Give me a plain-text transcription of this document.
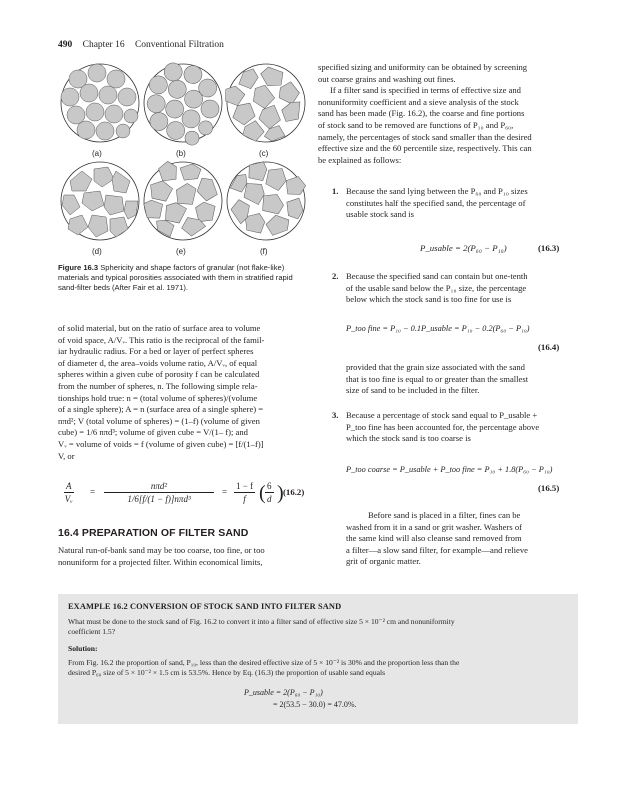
490 Chapter 16 Conventional Filtration
(a)	(b)	(c)
(d)	(e)	(f)
Figure 16.3 Sphericity and shape factors of granular (not flake-like) materials and typical porosities associated with them in stratified rapid sand-filter beds (After Fair et al. 1971).
of solid material, but on the ratio of surface area to volume
of void space, A/Vᵥ. This ratio is the reciprocal of the famil-
iar hydraulic radius. For a bed or layer of perfect spheres
of diameter d, the area–voids volume ratio, A/Vᵥ, of equal
spheres within a given cube of porosity f can be calculated
from the number of spheres, n. The following simple rela-
tionships hold true: n = (total volume of spheres)/(volume
of a single sphere); A = n (surface area of a single sphere) =
nπd²; V (total volume of spheres) = (1–f) (volume of given
cube) = 1/6 nπd³; volume of given cube = V/(1– f); and
Vᵥ = volume of voids = f (volume of given cube) = [f/(1–f)]
V, or
$\frac{A}{\text{Vᵥ}}$ =
nπd²
1/6[f/(1 − f)]nπd³
= $\frac{1 - f}{f}$ ( $\frac{6}{d}$ ) (16.2)
16.4 PREPARATION OF FILTER SAND
Natural run-of-bank sand may be too coarse, too fine, or too
nonuniform for a projected filter. Within economical limits,
specified sizing and uniformity can be obtained by screening
out coarse grains and washing out fines.
If a filter sand is specified in terms of effective size and
nonuniformity coefficient and a sieve analysis of the stock
sand has been made (Fig. 16.2), the coarse and fine portions
of stock sand to be removed are functions of P₁₀ and P₆₀,
namely, the percentages of stock sand smaller than the desired
effective size and the 60 percentile size, respectively. This can
be explained as follows:
1. Because the sand lying between the P₆₀ and P₁₀ sizes
constitutes half the specified sand, the percentage of
usable stock sand is
P_usable = 2(P₆₀ − P₁₀)	(16.3)
2. Because the specified sand can contain but one-tenth
of the usable sand below the P₁₀ size, the percentage
below which the stock sand is too fine for use is
P_too fine = P₁₀ − 0.1P_usable = P₁₀ − 0.2(P₆₀ − P₁₀)
(16.4)
provided that the grain size associated with the sand
that is too fine is equal to or greater than the smallest
size of sand to be included in the filter.
3. Because a percentage of stock sand equal to P_usable +
P_too fine has been accounted for, the percentage above
which the stock sand is too coarse is
P_too coarse = P_usable + P_too fine = P₁₀ + 1.8(P₆₀ − P₁₀)
(16.5)
Before sand is placed in a filter, fines can be
washed from it in a sand or grit washer. Washers of
the same kind will also cleanse sand removed from
a filter—a slow sand filter, for example—and relieve
grit of organic matter.
EXAMPLE 16.2 CONVERSION OF STOCK SAND INTO FILTER SAND
What must be done to the stock sand of Fig. 16.2 to convert it into a filter sand of effective size 5 × 10⁻² cm and nonuniformity
coefficient 1.5?
Solution:
From Fig. 16.2 the proportion of sand, P₁₀, less than the desired effective size of 5 × 10⁻² is 30% and the proportion less than the
desired P₆₀ size of 5 × 10⁻² × 1.5 cm is 53.5%. Hence by Eq. (16.3) the proportion of usable sand equals
P_usable = 2(P₆₀ − P₁₀)
= 2(53.5 − 30.0) = 47.0%.
